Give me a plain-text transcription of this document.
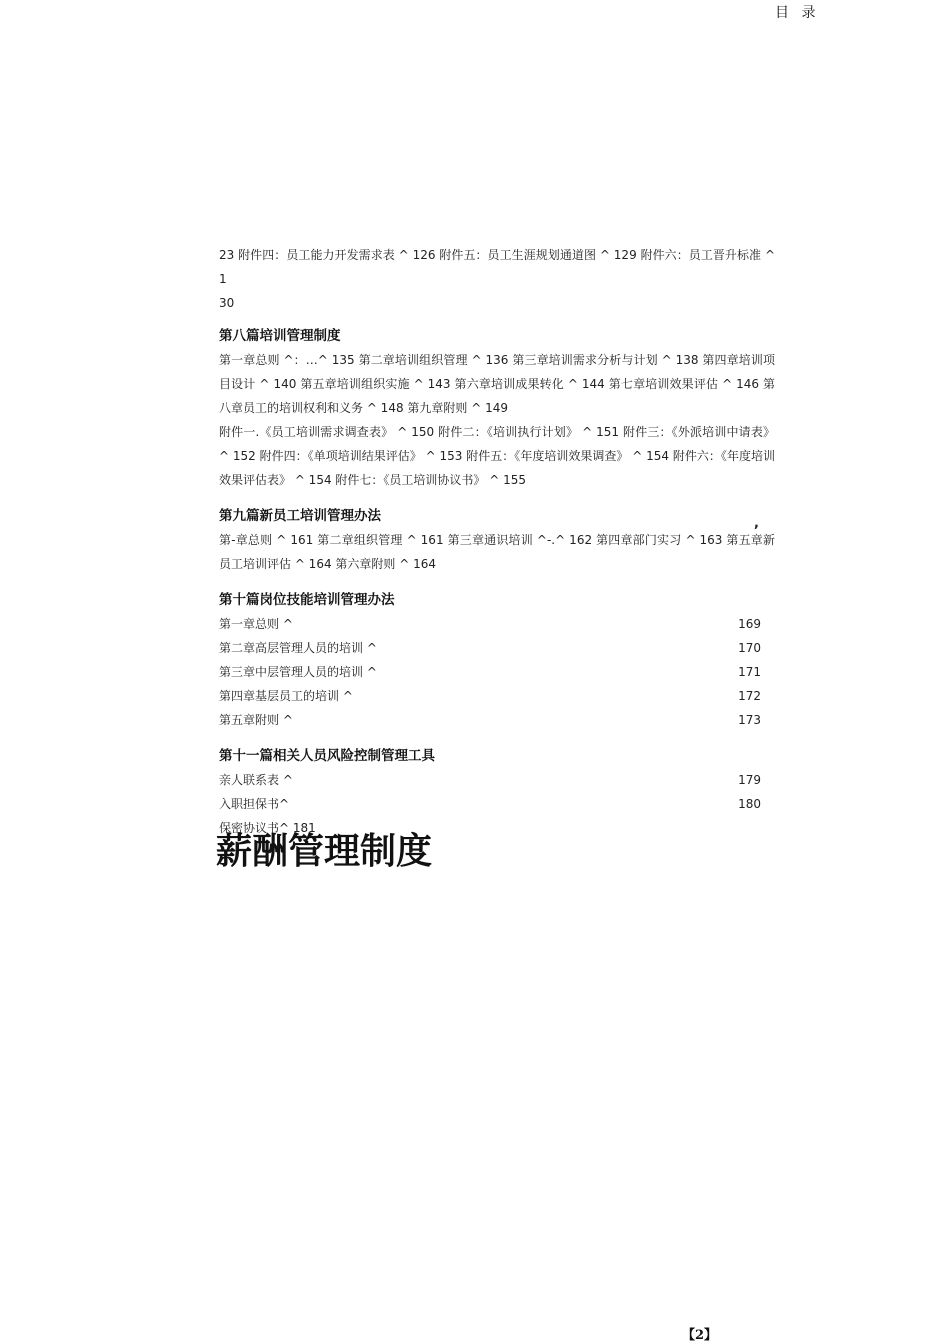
目 录

23 附件四：员工能力开发需求表 ^ 126 附件五：员工生涯规划通道图 ^ 129 附件六：员工晋升标准 ^ 1

30

第八篇培训管理制度

第一章总则 ^：…^ 135 第二章培训组织管理 ^ 136 第三章培训需求分析与计划 ^ 138 第四章培训项目设计 ^ 140 第五章培训组织实施 ^ 143 第六章培训成果转化 ^ 144 第七章培训效果评估 ^ 146 第八章员工的培训权利和义务 ^ 148 第九章附则 ^ 149

附件一.《员工培训需求调查表》 ^ 150 附件二：《培训执行计划》 ^ 151 附件三：《外派培训中请表》 ^ 152 附件四：《单项培训结果评估》 ^ 153 附件五：《年度培训效果调查》 ^ 154 附件六：《年度培训效果评估表》 ^ 154 附件七：《员工培训协议书》 ^ 155

第九篇新员工培训管理办法	,

第-章总则 ^ 161 第二章组织管理 ^ 161 第三章通识培训 ^-.^ 162 第四章部门实习 ^ 163 第五章新员工培训评估 ^ 164 第六章附则 ^ 164

第十篇岗位技能培训管理办法
第一章总则 ^	169
第二章高层管理人员的培训 ^	170
第三章中层管理人员的培训 ^	171
第四章基层员工的培训 ^	172
第五章附则 ^	173
第十一篇相关人员风险控制管理工具
亲人联系表 ^	179
入职担保书^	180

保密协议书^ 181

薪酬管理制度
【2】
